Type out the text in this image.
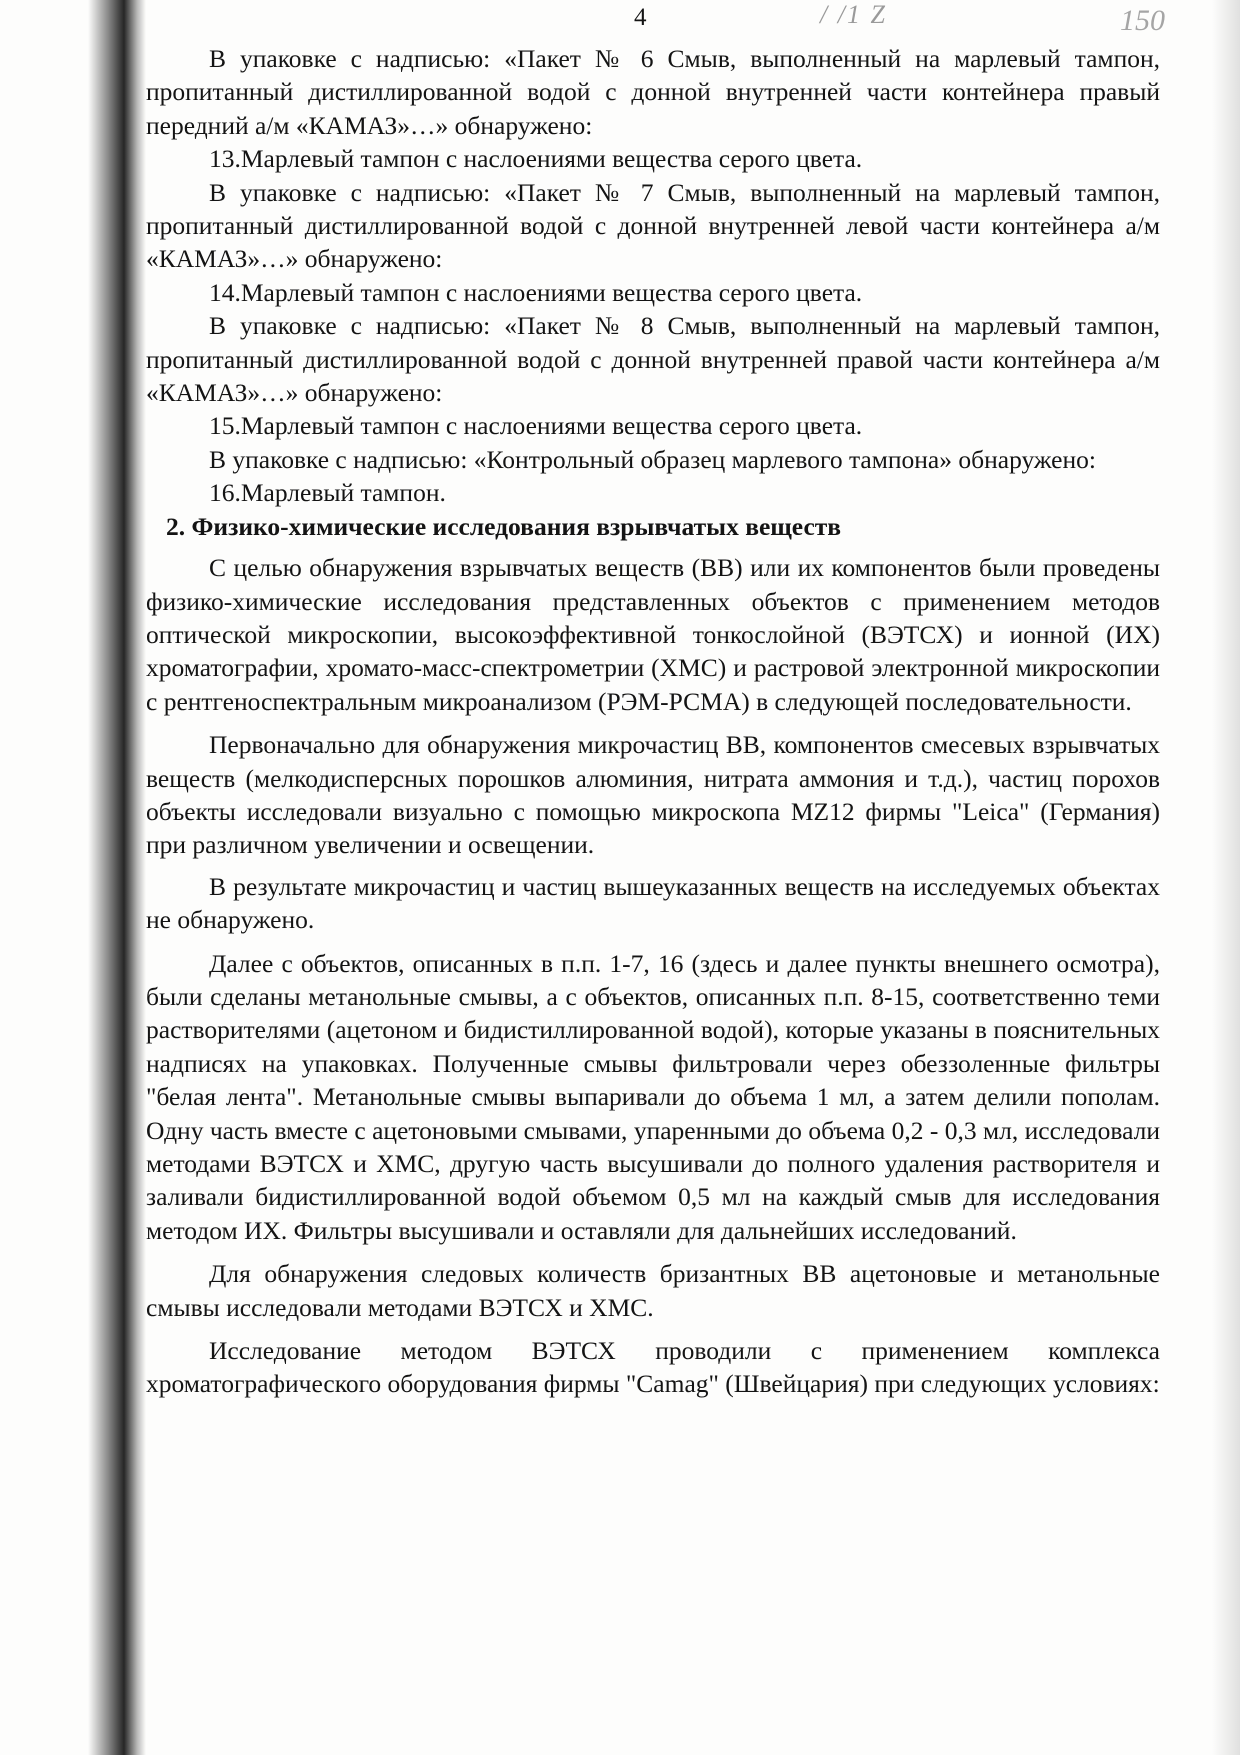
4	/ /1 Z	150

В упаковке с надписью: «Пакет № 6 Смыв, выполненный на марлевый тампон, пропитанный дистиллированной водой с донной внутренней части контейнера правый передний а/м «КАМАЗ»…» обнаружено:

13.Марлевый тампон с наслоениями вещества серого цвета.

В упаковке с надписью: «Пакет № 7 Смыв, выполненный на марлевый тампон, пропитанный дистиллированной водой с донной внутренней левой части контейнера а/м «КАМАЗ»…» обнаружено:

14.Марлевый тампон с наслоениями вещества серого цвета.

В упаковке с надписью: «Пакет № 8 Смыв, выполненный на марлевый тампон, пропитанный дистиллированной водой с донной внутренней правой части контейнера а/м «КАМАЗ»…» обнаружено:

15.Марлевый тампон с наслоениями вещества серого цвета.

В упаковке с надписью: «Контрольный образец марлевого тампона» обнаружено:

16.Марлевый тампон.

2. Физико-химические исследования взрывчатых веществ

С целью обнаружения взрывчатых веществ (ВВ) или их компонентов были проведены физико-химические исследования представленных объектов с применением методов оптической микроскопии, высокоэффективной тонкослойной (ВЭТСХ) и ионной (ИХ) хроматографии, хромато-масс-спектрометрии (ХМС) и растровой электронной микроскопии с рентгеноспектральным микроанализом (РЭМ-РСМА) в следующей последовательности.

Первоначально для обнаружения микрочастиц ВВ, компонентов смесевых взрывчатых веществ (мелкодисперсных порошков алюминия, нитрата аммония и т.д.), частиц порохов объекты исследовали визуально с помощью микроскопа MZ12 фирмы "Leica" (Германия) при различном увеличении и освещении.

В результате микрочастиц и частиц вышеуказанных веществ на исследуемых объектах не обнаружено.

Далее с объектов, описанных в п.п. 1-7, 16 (здесь и далее пункты внешнего осмотра), были сделаны метанольные смывы, а с объектов, описанных п.п. 8-15, соответственно теми растворителями (ацетоном и бидистиллированной водой), которые указаны в пояснительных надписях на упаковках. Полученные смывы фильтровали через обеззоленные фильтры "белая лента". Метанольные смывы выпаривали до объема 1 мл, а затем делили пополам. Одну часть вместе с ацетоновыми смывами, упаренными до объема 0,2 - 0,3 мл, исследовали методами ВЭТСХ и ХМС, другую часть высушивали до полного удаления растворителя и заливали бидистиллированной водой объемом 0,5 мл на каждый смыв для исследования методом ИХ. Фильтры высушивали и оставляли для дальнейших исследований.

Для обнаружения следовых количеств бризантных ВВ ацетоновые и метанольные смывы исследовали методами ВЭТСХ и ХМС.

Исследование методом ВЭТСХ проводили с применением комплекса хроматографического оборудования фирмы "Camag" (Швейцария) при следующих условиях:
